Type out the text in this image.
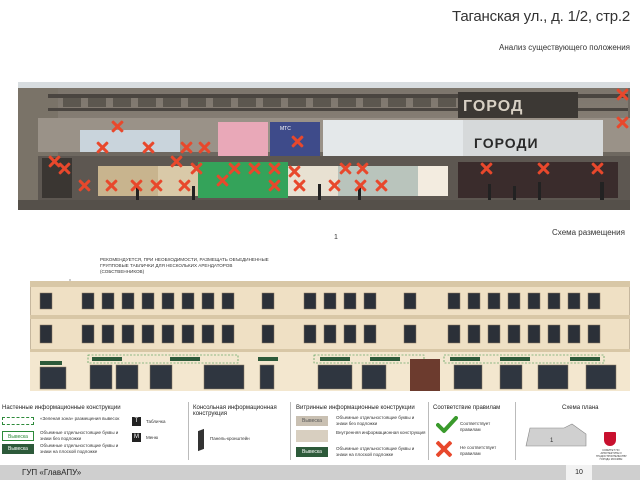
Таганская ул., д. 1/2, стр.2
Анализ существующего положения
ГОРОД
МТС
ГОРОДИ
1
Схема размещения
РЕКОМЕНДУЕТСЯ, ПРИ НЕОБХОДИМОСТИ, РАЗМЕЩАТЬ ОБЪЕДИНЕННЫЕ ГРУППОВЫЕ ТАБЛИЧКИ ДЛЯ НЕСКОЛЬКИХ АРЕНДАТОРОВ (СОБСТВЕННИКОВ)
Настенные информационные конструкции
«Зеленая зона» размещения вывесок
Вывеска
Объемные отдельностоящие буквы и знаки без подложки
Вывеска
Объемные отдельностоящие буквы и знаки на плоской подложке
Т	Табличка
М	Меню
Консольная информационная конструкция
Панель-кронштейн
Витринные информационные конструкции
Вывеска
Объемные отдельностоящие буквы и знаки без подложки
Внутренняя информационная конструкция
Вывеска
Объемные отдельностоящие буквы и знаки на плоской подложке
Соответствие правилам
Соответствует правилам
Не соответствует правилам
Схема плана
1
КОМИТЕТ ПО АРХИТЕКТУРЕ И ГРАДОСТРОИТЕЛЬСТВУ ГОРОДА МОСКВЫ
ГУП «ГлавАПУ»	10
